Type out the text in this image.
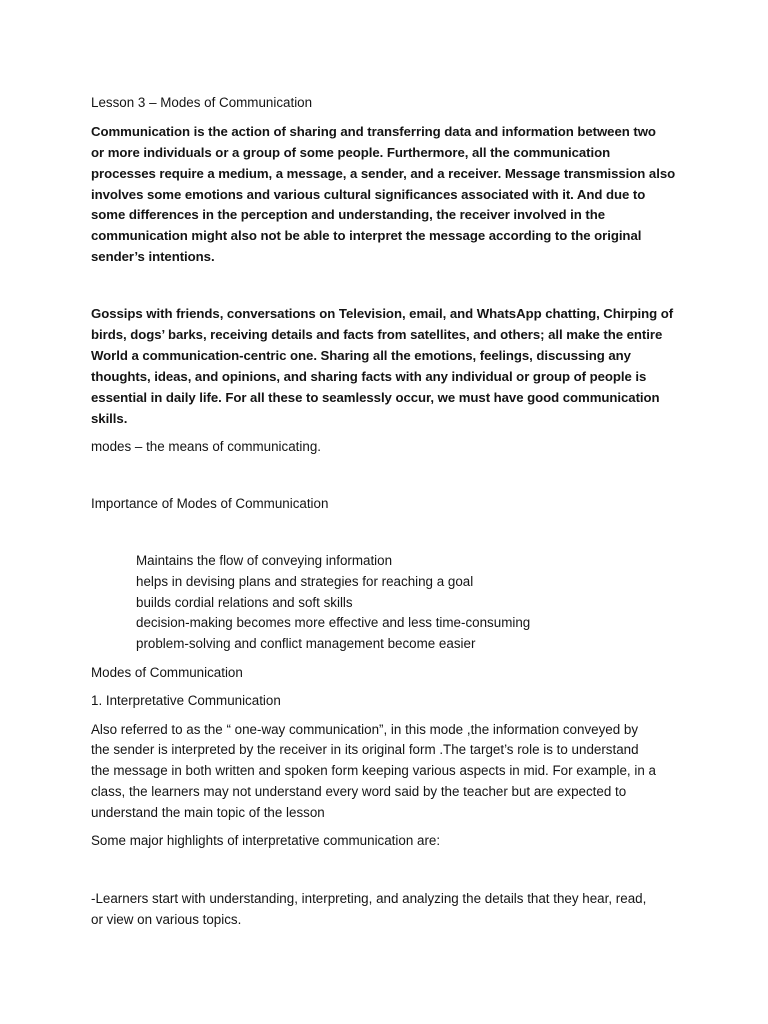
Lesson 3 – Modes of Communication
Communication is the action of sharing and transferring data and information between two
or more individuals or a group of some people. Furthermore, all the communication
processes require a medium, a message, a sender, and a receiver. Message transmission also
involves some emotions and various cultural significances associated with it. And due to
some differences in the perception and understanding, the receiver involved in the
communication might also not be able to interpret the message according to the original
sender’s intentions.
Gossips with friends, conversations on Television, email, and WhatsApp chatting, Chirping of
birds, dogs’ barks, receiving details and facts from satellites, and others; all make the entire
World a communication-centric one. Sharing all the emotions, feelings, discussing any
thoughts, ideas, and opinions, and sharing facts with any individual or group of people is
essential in daily life. For all these to seamlessly occur, we must have good communication
skills.
modes – the means of communicating.
Importance of Modes of Communication
Maintains the flow of conveying information
helps in devising plans and strategies for reaching a goal
builds cordial relations and soft skills
decision-making becomes more effective and less time-consuming
problem-solving and conflict management become easier
Modes of Communication
1. Interpretative Communication
Also referred to as the “ one-way communication”, in this mode ,the information conveyed by
the sender is interpreted by the receiver in its original form .The target’s role is to understand
the message in both written and spoken form keeping various aspects in mid. For example, in a
class, the learners may not understand every word said by the teacher but are expected to
understand the main topic of the lesson
Some major highlights of interpretative communication are:
-Learners start with understanding, interpreting, and analyzing the details that they hear, read,
or view on various topics.
